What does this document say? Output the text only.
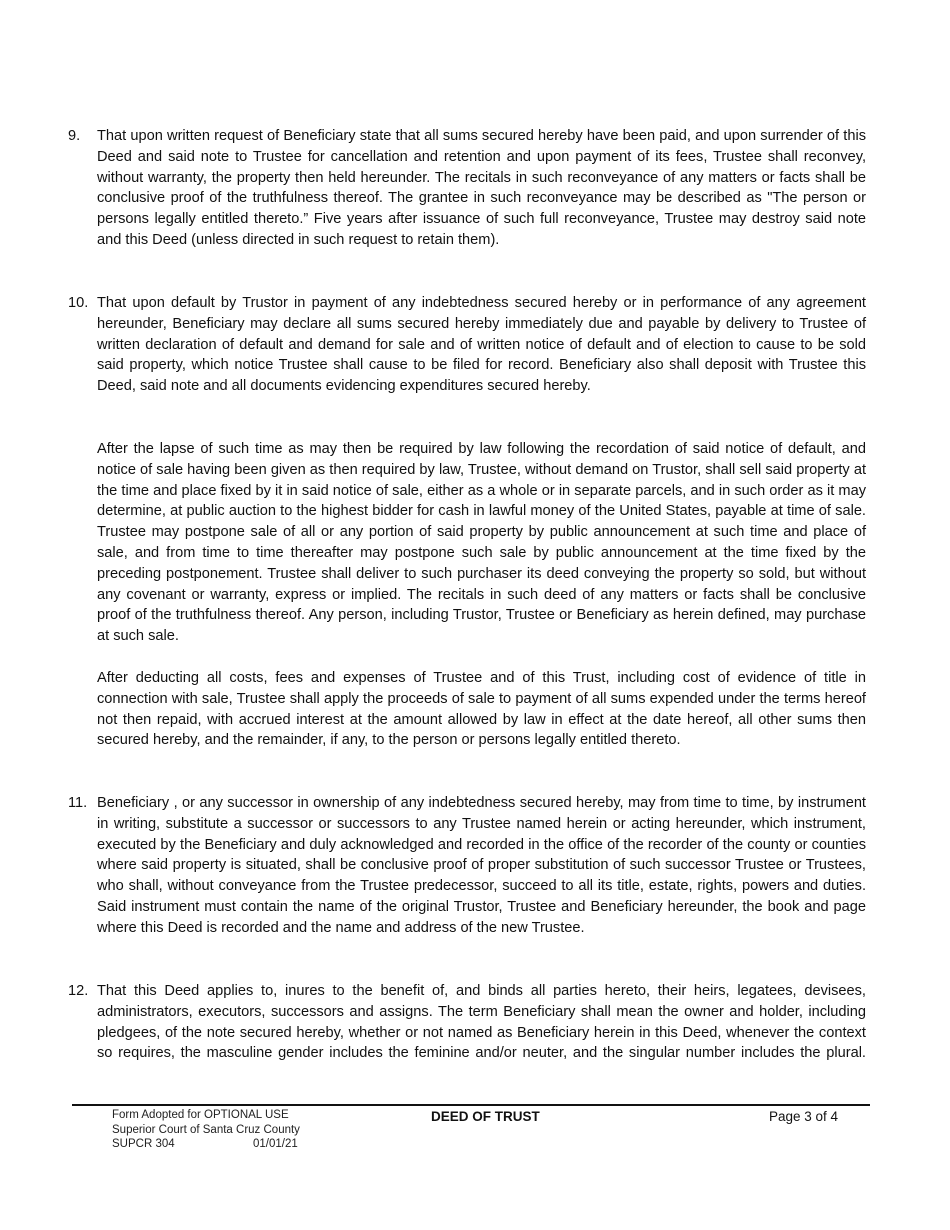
9. That upon written request of Beneficiary state that all sums secured hereby have been paid, and upon surrender of this Deed and said note to Trustee for cancellation and retention and upon payment of its fees, Trustee shall reconvey, without warranty, the property then held hereunder. The recitals in such reconveyance of any matters or facts shall be conclusive proof of the truthfulness thereof. The grantee in such reconveyance may be described as "The person or persons legally entitled thereto.” Five years after issuance of such full reconveyance, Trustee may destroy said note and this Deed (unless directed in such request to retain them).

10. That upon default by Trustor in payment of any indebtedness secured hereby or in performance of any agreement hereunder, Beneficiary may declare all sums secured hereby immediately due and payable by delivery to Trustee of written declaration of default and demand for sale and of written notice of default and of election to cause to be sold said property, which notice Trustee shall cause to be filed for record. Beneficiary also shall deposit with Trustee this Deed, said note and all documents evidencing expenditures secured hereby.

After the lapse of such time as may then be required by law following the recordation of said notice of default, and notice of sale having been given as then required by law, Trustee, without demand on Trustor, shall sell said property at the time and place fixed by it in said notice of sale, either as a whole or in separate parcels, and in such order as it may determine, at public auction to the highest bidder for cash in lawful money of the United States, payable at time of sale. Trustee may postpone sale of all or any portion of said property by public announcement at such time and place of sale, and from time to time thereafter may postpone such sale by public announcement at the time fixed by the preceding postponement. Trustee shall deliver to such purchaser its deed conveying the property so sold, but without any covenant or warranty, express or implied. The recitals in such deed of any matters or facts shall be conclusive proof of the truthfulness thereof. Any person, including Trustor, Trustee or Beneficiary as herein defined, may purchase at such sale.

After deducting all costs, fees and expenses of Trustee and of this Trust, including cost of evidence of title in connection with sale, Trustee shall apply the proceeds of sale to payment of all sums expended under the terms hereof not then repaid, with accrued interest at the amount allowed by law in effect at the date hereof, all other sums then secured hereby, and the remainder, if any, to the person or persons legally entitled thereto.

11. Beneficiary , or any successor in ownership of any indebtedness secured hereby, may from time to time, by instrument in writing, substitute a successor or successors to any Trustee named herein or acting hereunder, which instrument, executed by the Beneficiary and duly acknowledged and recorded in the office of the recorder of the county or counties where said property is situated, shall be conclusive proof of proper substitution of such successor Trustee or Trustees, who shall, without conveyance from the Trustee predecessor, succeed to all its title, estate, rights, powers and duties. Said instrument must contain the name of the original Trustor, Trustee and Beneficiary hereunder, the book and page where this Deed is recorded and the name and address of the new Trustee.

12. That this Deed applies to, inures to the benefit of, and binds all parties hereto, their heirs, legatees, devisees, administrators, executors, successors and assigns. The term Beneficiary shall mean the owner and holder, including pledgees, of the note secured hereby, whether or not named as Beneficiary herein in this Deed, whenever the context so requires, the masculine gender includes the feminine and/or neuter, and the singular number includes the plural.

Form Adopted for OPTIONAL USE
Superior Court of Santa Cruz County
SUPCR 304	01/01/21
DEED OF TRUST	Page 3 of 4
